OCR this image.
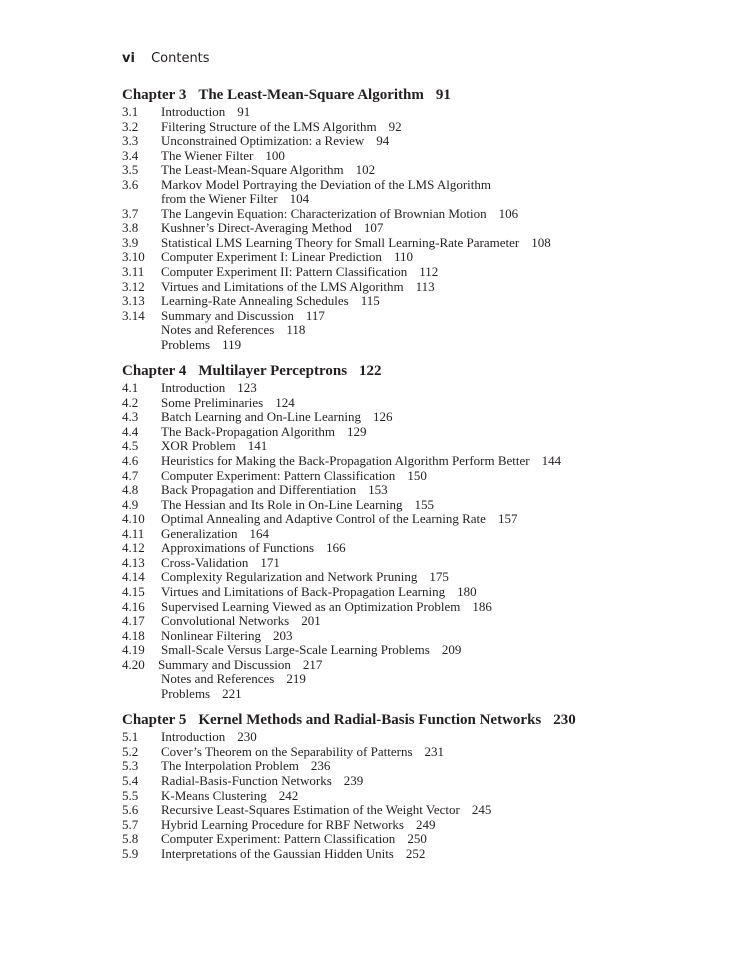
vi Contents
Chapter 3 The Least-Mean-Square Algorithm 91
3.1	Introduction 91
3.2	Filtering Structure of the LMS Algorithm 92
3.3	Unconstrained Optimization: a Review 94
3.4	The Wiener Filter 100
3.5	The Least-Mean-Square Algorithm 102
3.6	Markov Model Portraying the Deviation of the LMS Algorithm
from the Wiener Filter 104
3.7	The Langevin Equation: Characterization of Brownian Motion 106
3.8	Kushner’s Direct-Averaging Method 107
3.9	Statistical LMS Learning Theory for Small Learning-Rate Parameter 108
3.10	Computer Experiment I: Linear Prediction 110
3.11	Computer Experiment II: Pattern Classification 112
3.12	Virtues and Limitations of the LMS Algorithm 113
3.13	Learning-Rate Annealing Schedules 115
3.14	Summary and Discussion 117
Notes and References 118
Problems 119
Chapter 4 Multilayer Perceptrons 122
4.1	Introduction 123
4.2	Some Preliminaries 124
4.3	Batch Learning and On-Line Learning 126
4.4	The Back-Propagation Algorithm 129
4.5	XOR Problem 141
4.6	Heuristics for Making the Back-Propagation Algorithm Perform Better 144
4.7	Computer Experiment: Pattern Classification 150
4.8	Back Propagation and Differentiation 153
4.9	The Hessian and Its Role in On-Line Learning 155
4.10	Optimal Annealing and Adaptive Control of the Learning Rate 157
4.11	Generalization 164
4.12	Approximations of Functions 166
4.13	Cross-Validation 171
4.14	Complexity Regularization and Network Pruning 175
4.15	Virtues and Limitations of Back-Propagation Learning 180
4.16	Supervised Learning Viewed as an Optimization Problem 186
4.17	Convolutional Networks 201
4.18	Nonlinear Filtering 203
4.19	Small-Scale Versus Large-Scale Learning Problems 209
4.20	Summary and Discussion 217
Notes and References 219
Problems 221
Chapter 5 Kernel Methods and Radial-Basis Function Networks 230
5.1	Introduction 230
5.2	Cover’s Theorem on the Separability of Patterns 231
5.3	The Interpolation Problem 236
5.4	Radial-Basis-Function Networks 239
5.5	K-Means Clustering 242
5.6	Recursive Least-Squares Estimation of the Weight Vector 245
5.7	Hybrid Learning Procedure for RBF Networks 249
5.8	Computer Experiment: Pattern Classification 250
5.9	Interpretations of the Gaussian Hidden Units 252
